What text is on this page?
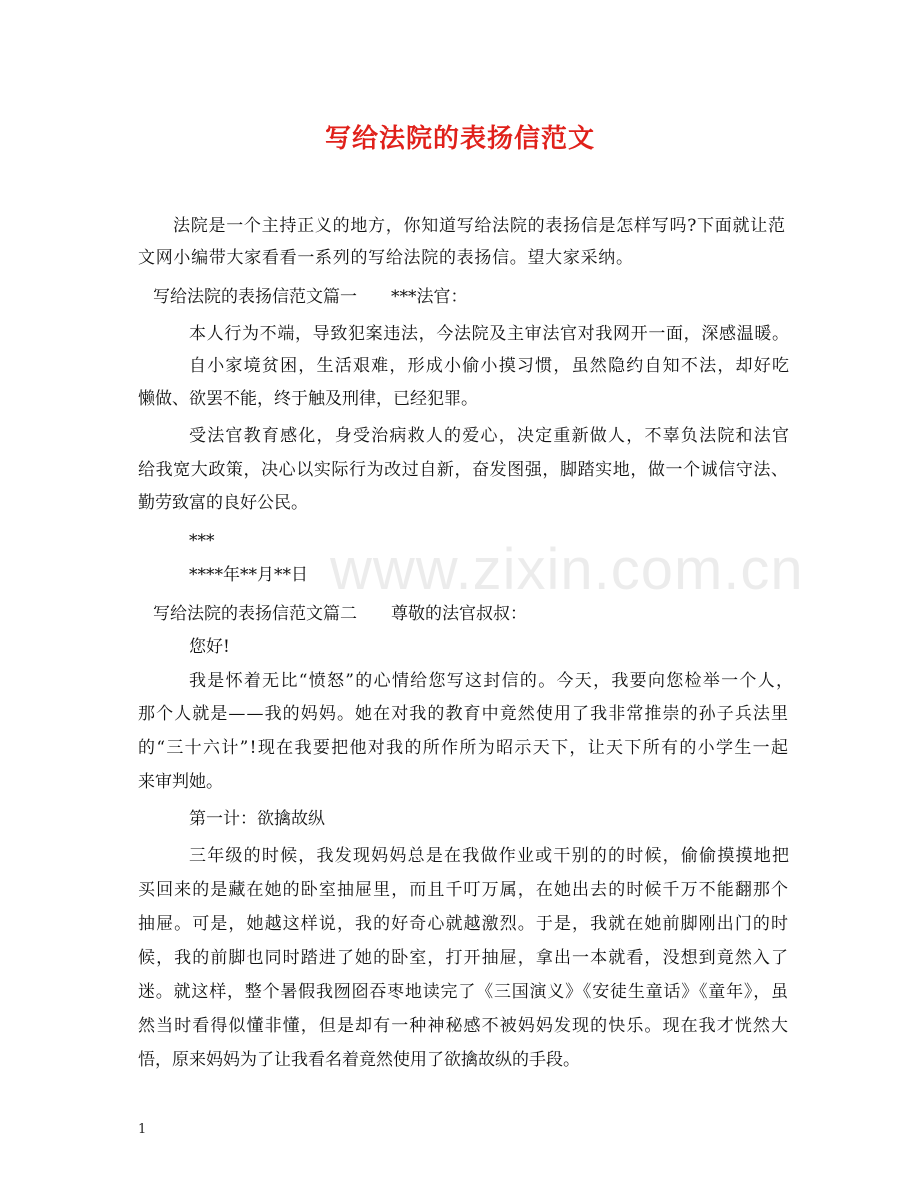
写给法院的表扬信范文
www.zixin.com.cn
法院是一个主持正义的地方，你知道写给法院的表扬信是怎样写吗?下面就让范
文网小编带大家看看一系列的写给法院的表扬信。望大家采纳。
写给法院的表扬信范文篇一　　***法官：
本人行为不端，导致犯案违法，今法院及主审法官对我网开一面，深感温暖。
自小家境贫困，生活艰难，形成小偷小摸习惯，虽然隐约自知不法，却好吃
懒做、欲罢不能，终于触及刑律，已经犯罪。
受法官教育感化，身受治病救人的爱心，决定重新做人，不辜负法院和法官
给我宽大政策，决心以实际行为改过自新，奋发图强，脚踏实地，做一个诚信守法、
勤劳致富的良好公民。
***
****年**月**日
写给法院的表扬信范文篇二　　尊敬的法官叔叔：
您好!
我是怀着无比“愤怒”的心情给您写这封信的。今天，我要向您检举一个人，
那个人就是——我的妈妈。她在对我的教育中竟然使用了我非常推崇的孙子兵法里
的“三十六计”!现在我要把他对我的所作所为昭示天下，让天下所有的小学生一起
来审判她。
第一计：欲擒故纵
三年级的时候，我发现妈妈总是在我做作业或干别的的时候，偷偷摸摸地把
买回来的是藏在她的卧室抽屉里，而且千叮万属，在她出去的时候千万不能翻那个
抽屉。可是，她越这样说，我的好奇心就越激烈。于是，我就在她前脚刚出门的时
候，我的前脚也同时踏进了她的卧室，打开抽屉，拿出一本就看，没想到竟然入了
迷。就这样，整个暑假我囫囵吞枣地读完了《三国演义》《安徒生童话》《童年》，虽
然当时看得似懂非懂，但是却有一种神秘感不被妈妈发现的快乐。现在我才恍然大
悟，原来妈妈为了让我看名着竟然使用了欲擒故纵的手段。
1
